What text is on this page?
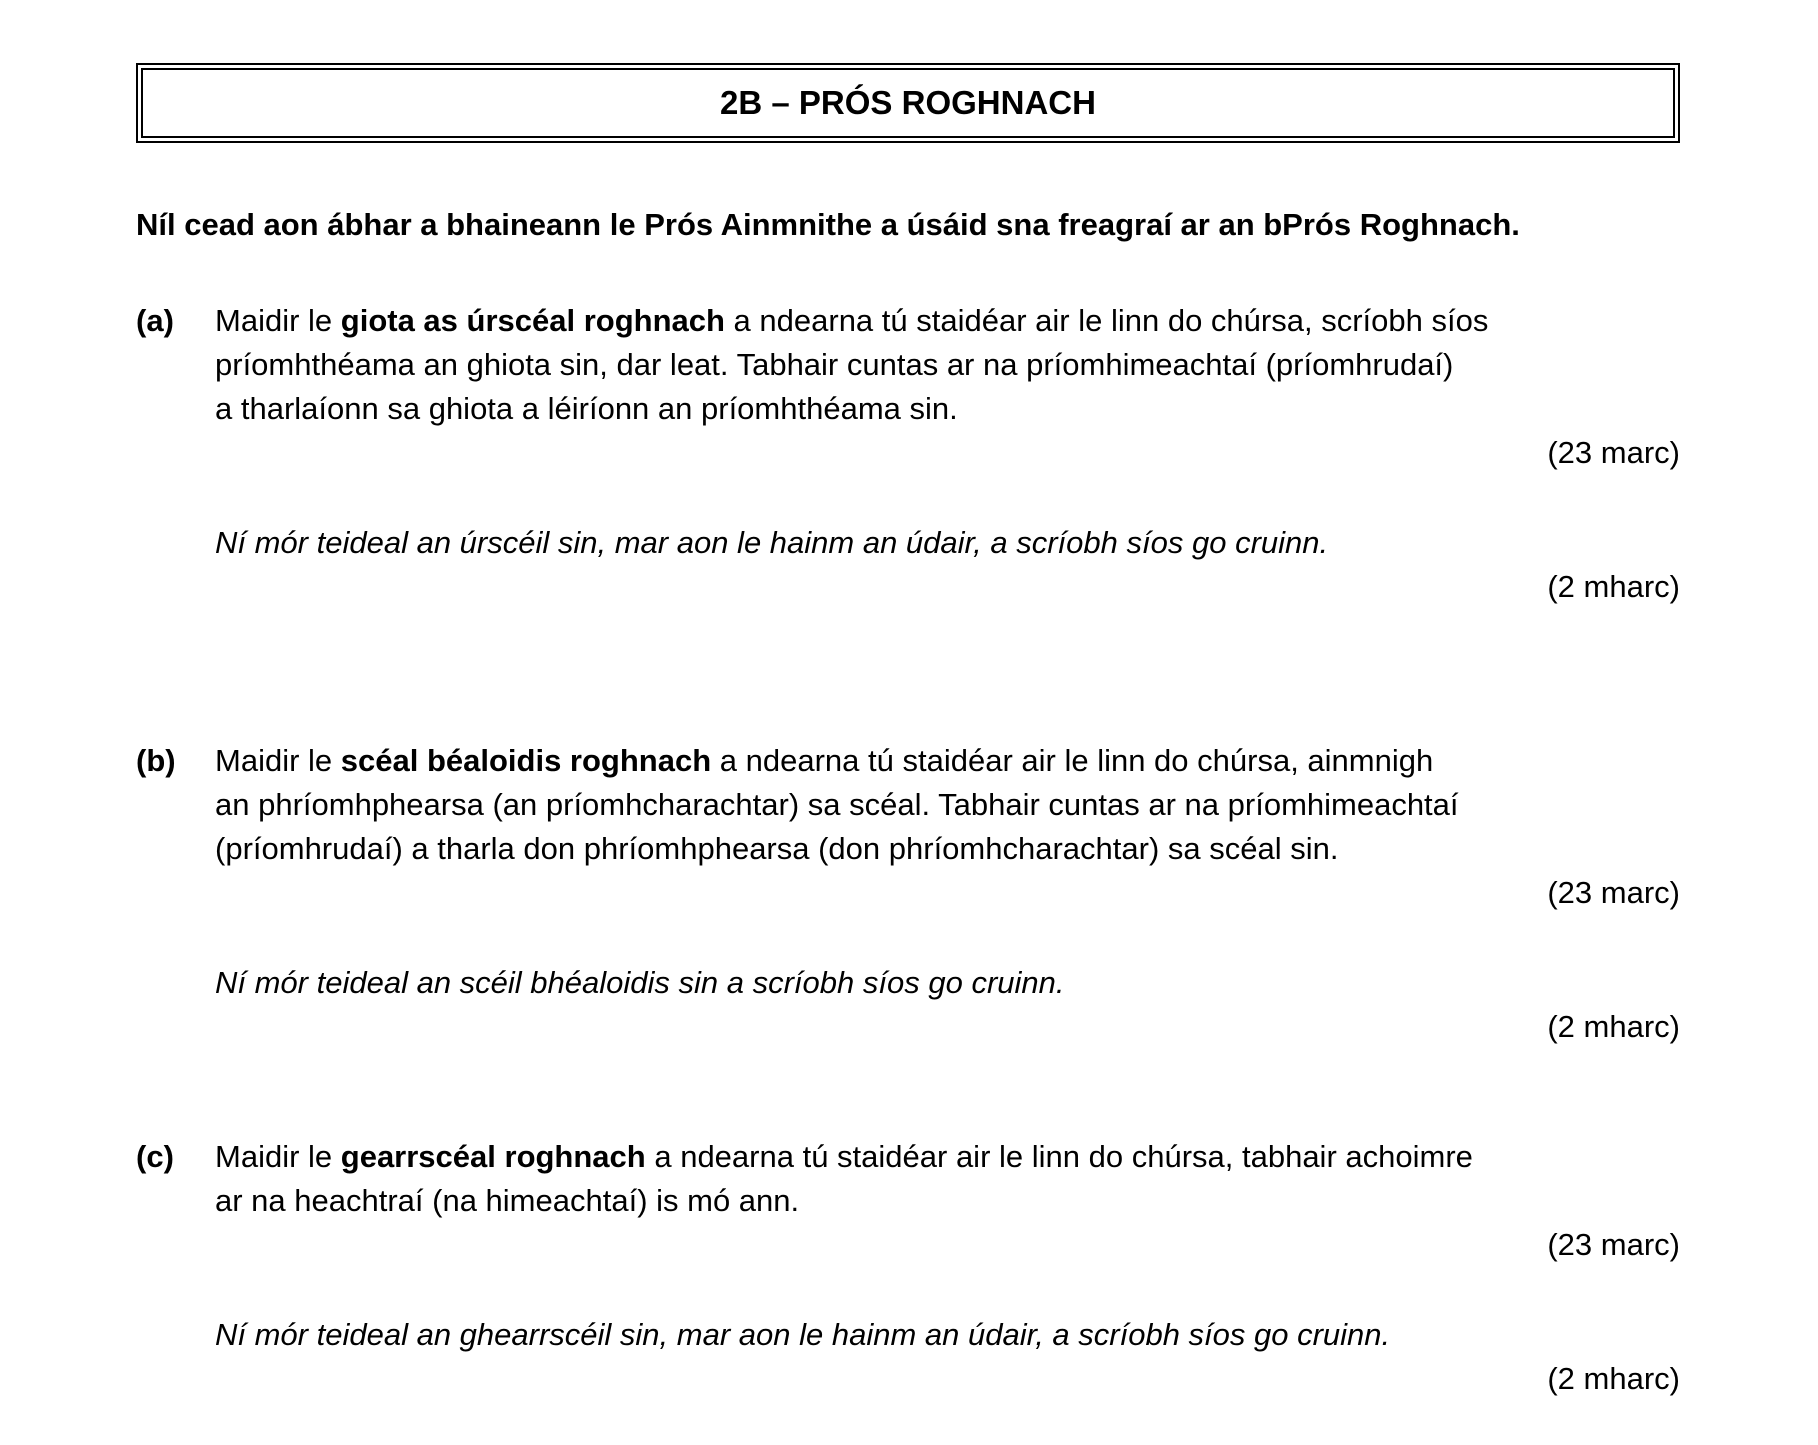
2B – PRÓS ROGHNACH
Níl cead aon ábhar a bhaineann le Prós Ainmnithe a úsáid sna freagraí ar an bPrós Roghnach.
(a)	Maidir le giota as úrscéal roghnach a ndearna tú staidéar air le linn do chúrsa, scríobh síos
príomhthéama an ghiota sin, dar leat. Tabhair cuntas ar na príomhimeachtaí (príomhrudaí)
a tharlaíonn sa ghiota a léiríonn an príomhthéama sin.
(23 marc)
Ní mór teideal an úrscéil sin, mar aon le hainm an údair, a scríobh síos go cruinn.
(2 mharc)
(b)	Maidir le scéal béaloidis roghnach a ndearna tú staidéar air le linn do chúrsa, ainmnigh
an phríomhphearsa (an príomhcharachtar) sa scéal. Tabhair cuntas ar na príomhimeachtaí
(príomhrudaí) a tharla don phríomhphearsa (don phríomhcharachtar) sa scéal sin.
(23 marc)
Ní mór teideal an scéil bhéaloidis sin a scríobh síos go cruinn.
(2 mharc)
(c)	Maidir le gearrscéal roghnach a ndearna tú staidéar air le linn do chúrsa, tabhair achoimre
ar na heachtraí (na himeachtaí) is mó ann.
(23 marc)
Ní mór teideal an ghearrscéil sin, mar aon le hainm an údair, a scríobh síos go cruinn.
(2 mharc)
